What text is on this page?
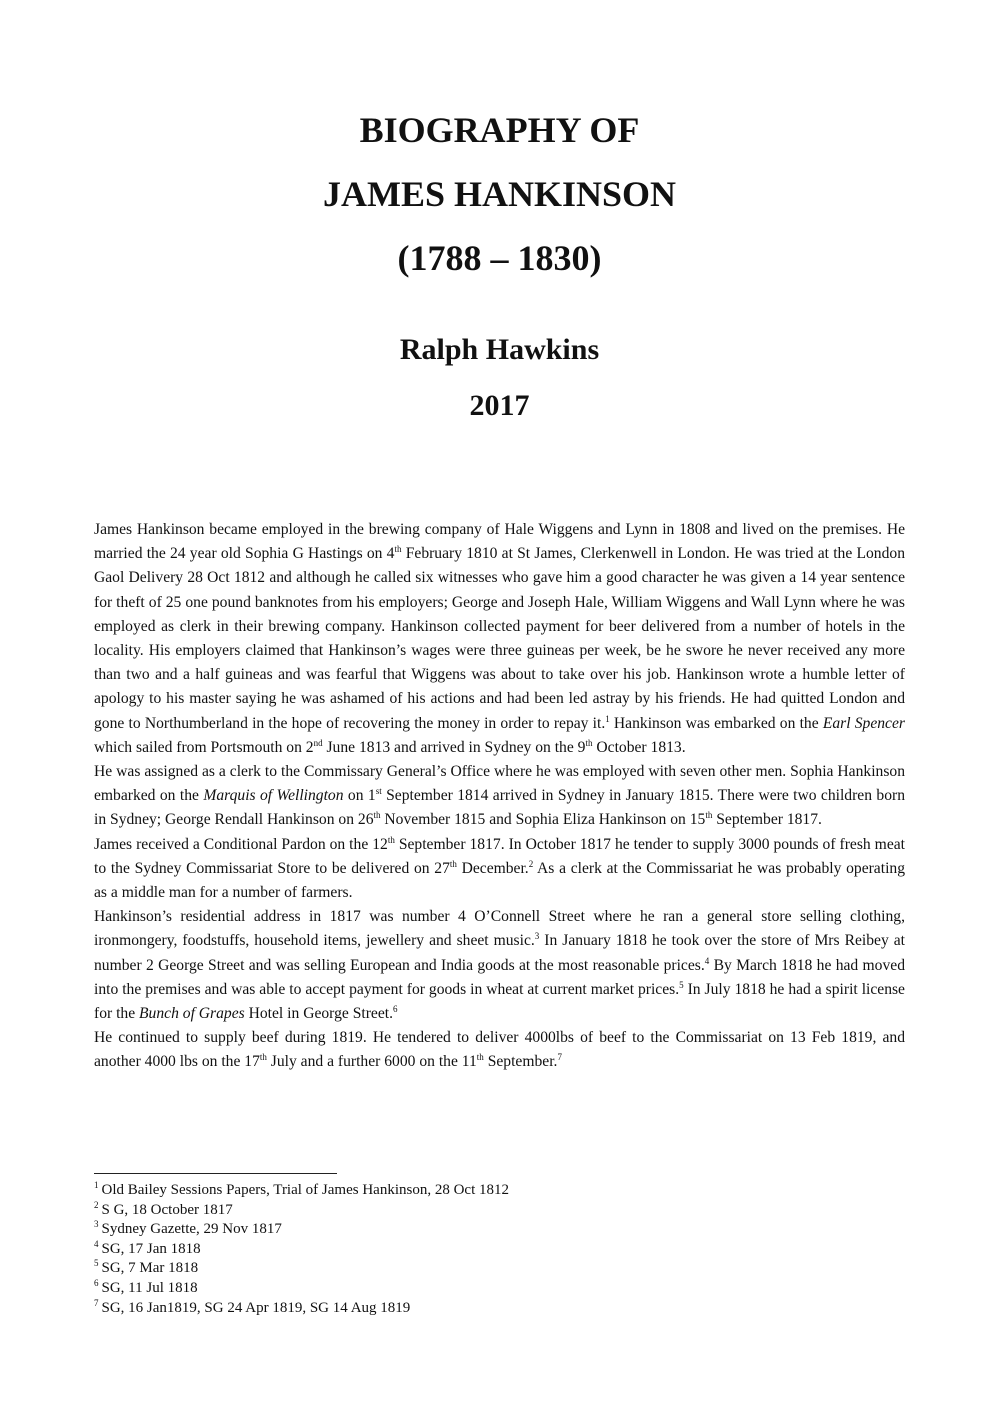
BIOGRAPHY OF

JAMES HANKINSON

(1788 – 1830)

Ralph Hawkins

2017

James Hankinson became employed in the brewing company of Hale Wiggens and Lynn in 1808 and lived on the premises. He married the 24 year old Sophia G Hastings on 4th February 1810 at St James, Clerkenwell in London. He was tried at the London Gaol Delivery 28 Oct 1812 and although he called six witnesses who gave him a good character he was given a 14 year sentence for theft of 25 one pound banknotes from his employers; George and Joseph Hale, William Wiggens and Wall Lynn where he was employed as clerk in their brewing company. Hankinson collected payment for beer delivered from a number of hotels in the locality. His employers claimed that Hankinson’s wages were three guineas per week, be he swore he never received any more than two and a half guineas and was fearful that Wiggens was about to take over his job. Hankinson wrote a humble letter of apology to his master saying he was ashamed of his actions and had been led astray by his friends. He had quitted London and gone to Northumberland in the hope of recovering the money in order to repay it.$^1$ Hankinson was embarked on the Earl Spencer which sailed from Portsmouth on 2nd June 1813 and arrived in Sydney on the 9th October 1813.

He was assigned as a clerk to the Commissary General’s Office where he was employed with seven other men. Sophia Hankinson embarked on the Marquis of Wellington on 1st September 1814 arrived in Sydney in January 1815. There were two children born in Sydney; George Rendall Hankinson on 26th November 1815 and Sophia Eliza Hankinson on 15th September 1817.

James received a Conditional Pardon on the 12th September 1817. In October 1817 he tender to supply 3000 pounds of fresh meat to the Sydney Commissariat Store to be delivered on 27th December.$^2$ As a clerk at the Commissariat he was probably operating as a middle man for a number of farmers.

Hankinson’s residential address in 1817 was number 4 O’Connell Street where he ran a general store selling clothing, ironmongery, foodstuffs, household items, jewellery and sheet music.$^3$ In January 1818 he took over the store of Mrs Reibey at number 2 George Street and was selling European and India goods at the most reasonable prices.$^4$ By March 1818 he had moved into the premises and was able to accept payment for goods in wheat at current market prices.$^5$ In July 1818 he had a spirit license for the Bunch of Grapes Hotel in George Street.$^6$

He continued to supply beef during 1819. He tendered to deliver 4000lbs of beef to the Commissariat on 13 Feb 1819, and another 4000 lbs on the 17th July and a further 6000 on the 11th September.$^7$

$^1$ Old Bailey Sessions Papers, Trial of James Hankinson, 28 Oct 1812

$^2$ S G, 18 October 1817

$^3$ Sydney Gazette, 29 Nov 1817

$^4$ SG, 17 Jan 1818

$^5$ SG, 7 Mar 1818

$^6$ SG, 11 Jul 1818

$^7$ SG, 16 Jan1819, SG 24 Apr 1819, SG 14 Aug 1819
